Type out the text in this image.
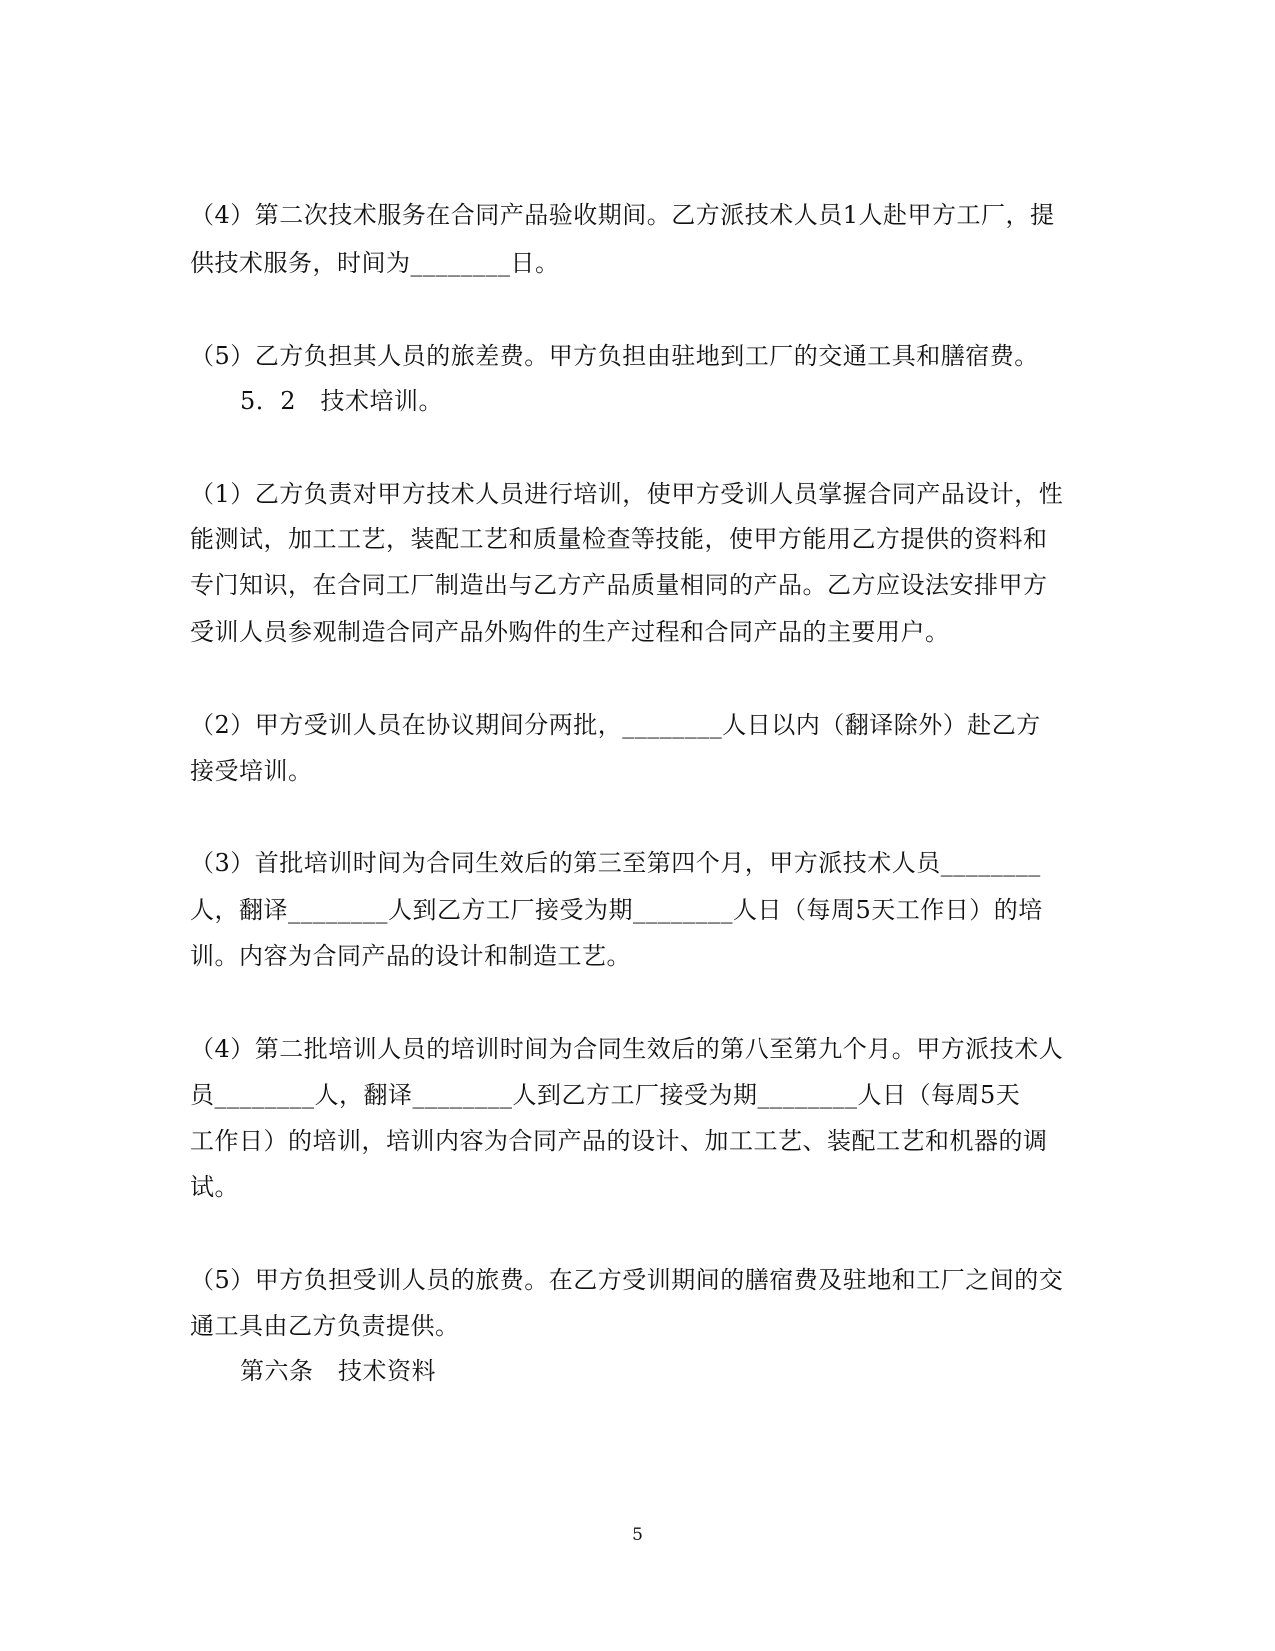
（4）第二次技术服务在合同产品验收期间。乙方派技术人员1人赴甲方工厂，提
供技术服务，时间为________日。
（5）乙方负担其人员的旅差费。甲方负担由驻地到工厂的交通工具和膳宿费。
5．2　技术培训。
（1）乙方负责对甲方技术人员进行培训，使甲方受训人员掌握合同产品设计，性
能测试，加工工艺，装配工艺和质量检查等技能，使甲方能用乙方提供的资料和
专门知识，在合同工厂制造出与乙方产品质量相同的产品。乙方应设法安排甲方
受训人员参观制造合同产品外购件的生产过程和合同产品的主要用户。
（2）甲方受训人员在协议期间分两批，________人日以内（翻译除外）赴乙方
接受培训。
（3）首批培训时间为合同生效后的第三至第四个月，甲方派技术人员________
人，翻译________人到乙方工厂接受为期________人日（每周5天工作日）的培
训。内容为合同产品的设计和制造工艺。
（4）第二批培训人员的培训时间为合同生效后的第八至第九个月。甲方派技术人
员________人，翻译________人到乙方工厂接受为期________人日（每周5天
工作日）的培训，培训内容为合同产品的设计、加工工艺、装配工艺和机器的调
试。
（5）甲方负担受训人员的旅费。在乙方受训期间的膳宿费及驻地和工厂之间的交
通工具由乙方负责提供。
第六条　技术资料
5
